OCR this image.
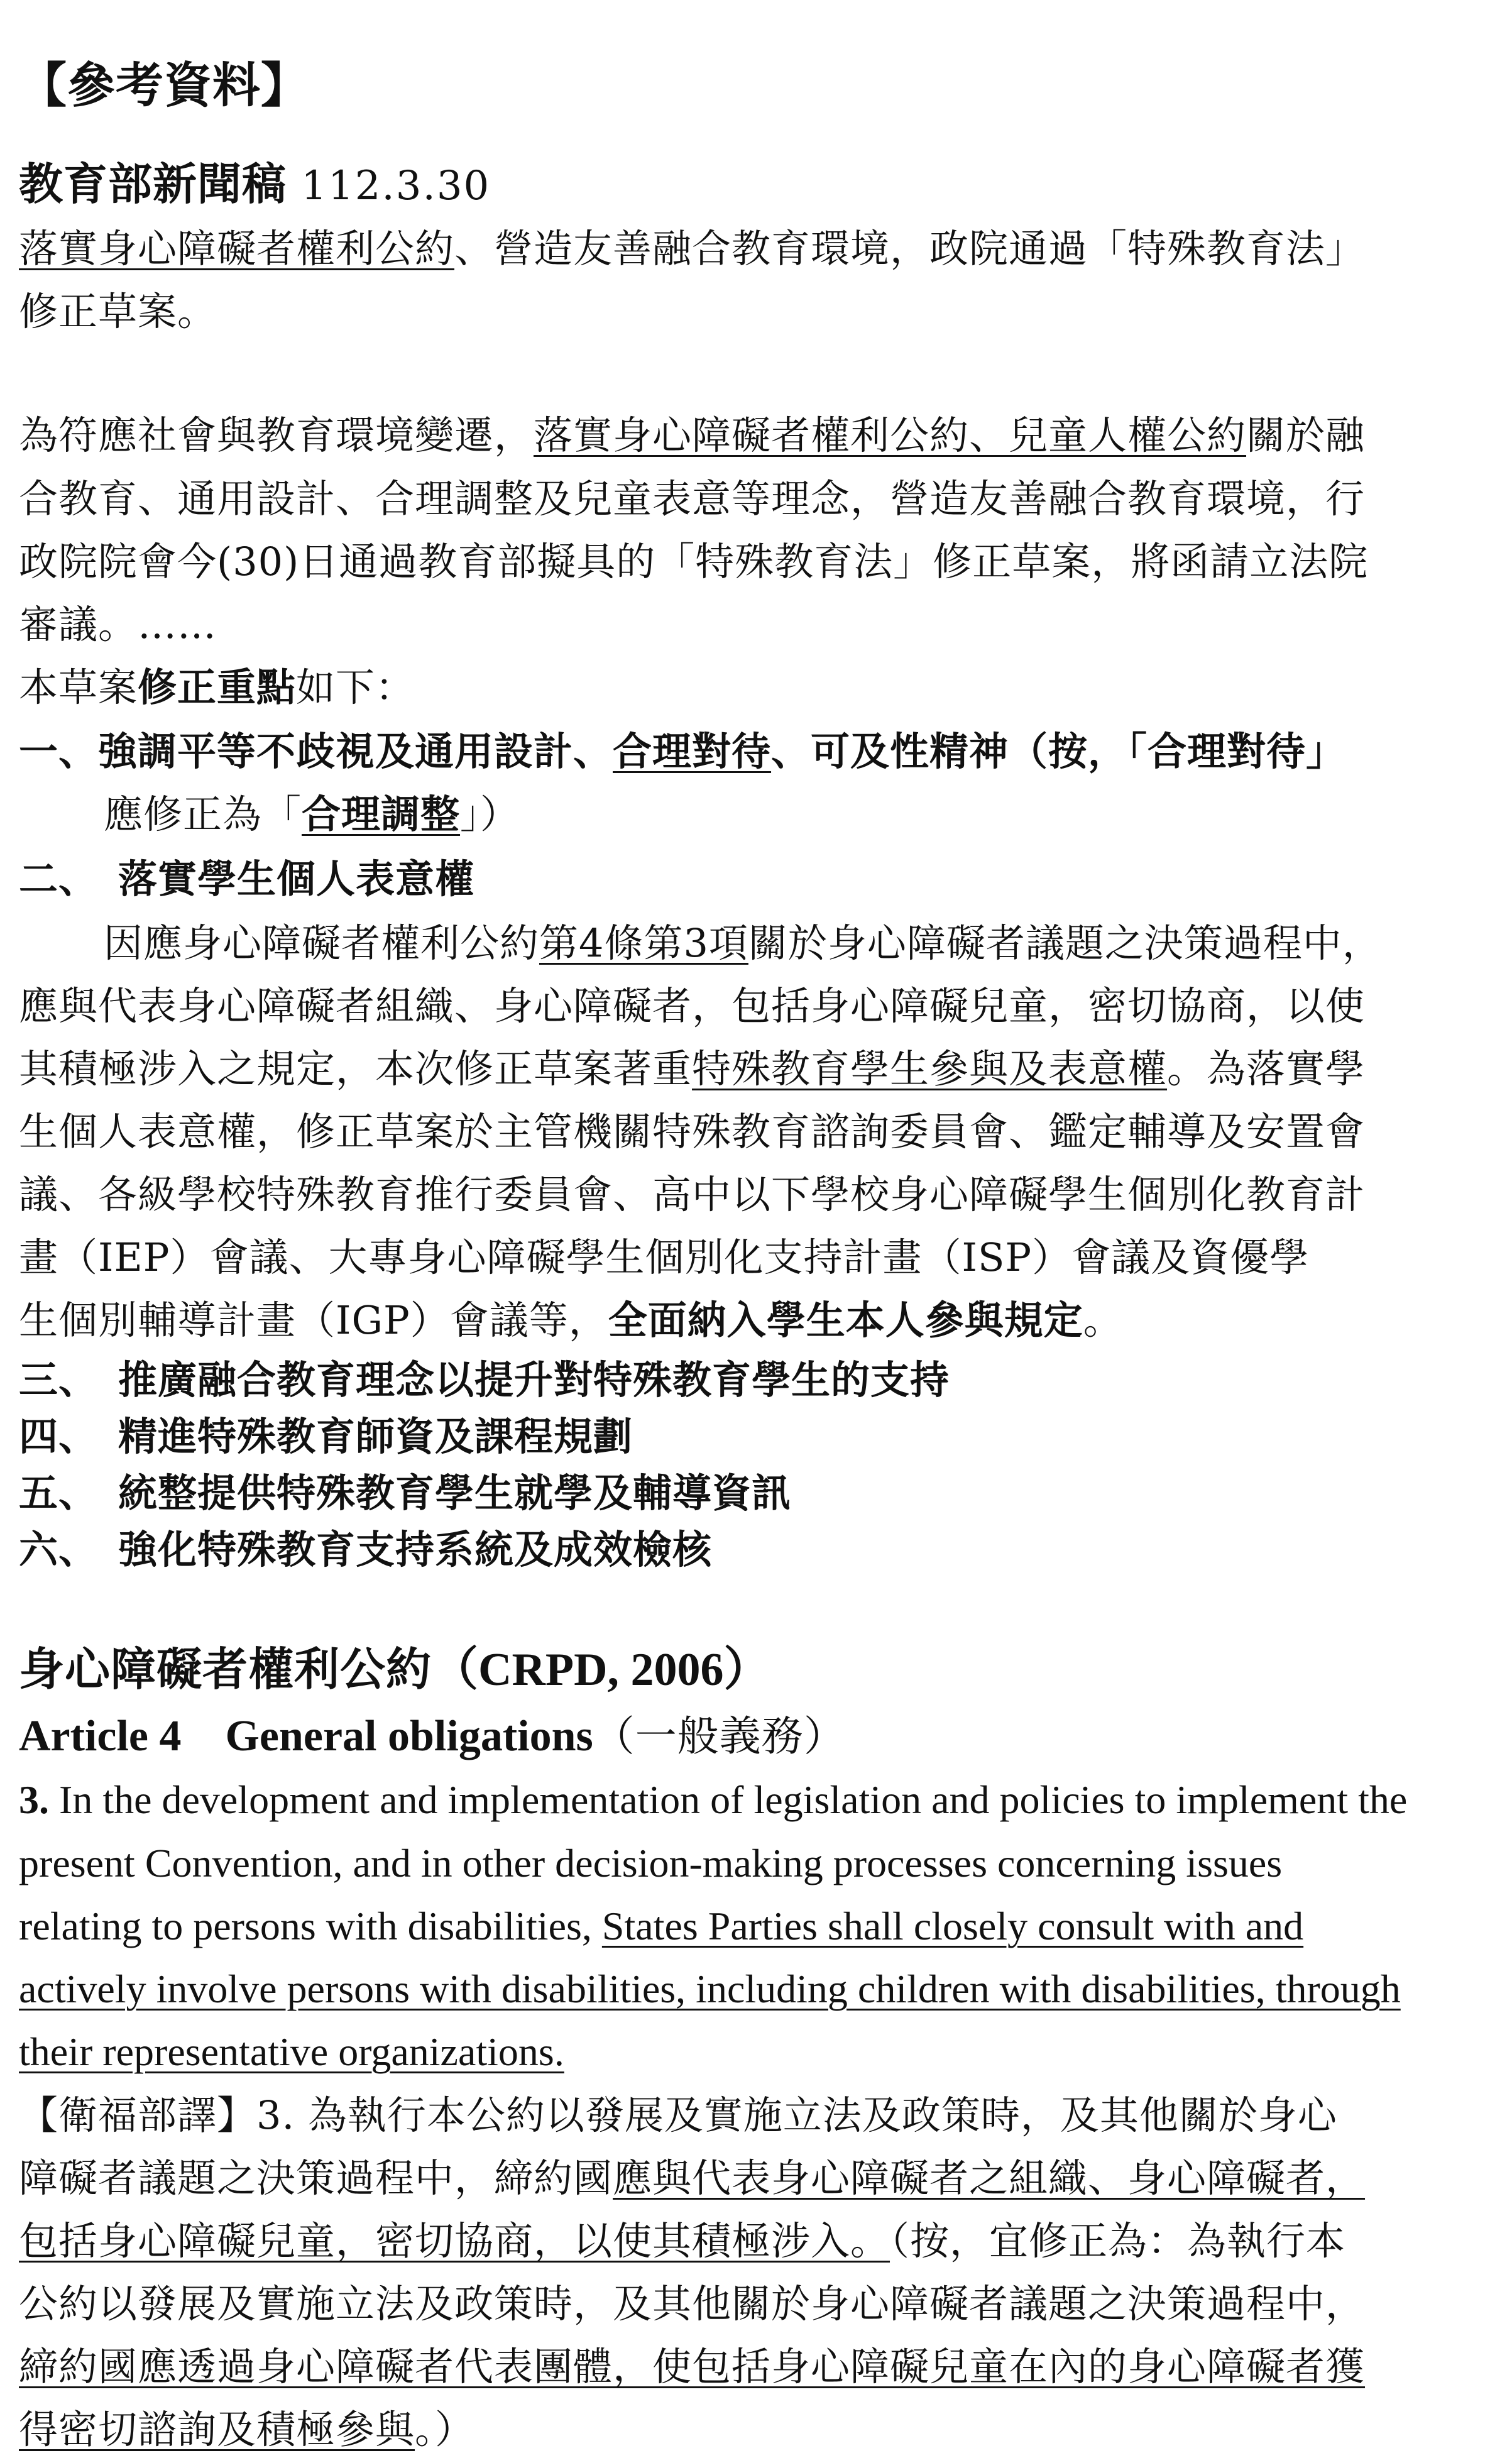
【參考資料】
教育部新聞稿 112.3.30
落實身心障礙者權利公約、營造友善融合教育環境，政院通過「特殊教育法」
修正草案。
為符應社會與教育環境變遷，落實身心障礙者權利公約、兒童人權公約關於融
合教育、通用設計、合理調整及兒童表意等理念，營造友善融合教育環境，行
政院院會今(30)日通過教育部擬具的「特殊教育法」修正草案，將函請立法院
審議。……
本草案修正重點如下：
一、強調平等不歧視及通用設計、合理對待、可及性精神（按，「合理對待」
應修正為「合理調整」）
二、　落實學生個人表意權
因應身心障礙者權利公約第4條第3項關於身心障礙者議題之決策過程中，
應與代表身心障礙者組織、身心障礙者，包括身心障礙兒童，密切協商，以使
其積極涉入之規定，本次修正草案著重特殊教育學生參與及表意權。為落實學
生個人表意權，修正草案於主管機關特殊教育諮詢委員會、鑑定輔導及安置會
議、各級學校特殊教育推行委員會、高中以下學校身心障礙學生個別化教育計
畫（IEP）會議、大專身心障礙學生個別化支持計畫（ISP）會議及資優學
生個別輔導計畫（IGP）會議等，全面納入學生本人參與規定。
三、　推廣融合教育理念以提升對特殊教育學生的支持
四、　精進特殊教育師資及課程規劃
五、　統整提供特殊教育學生就學及輔導資訊
六、　強化特殊教育支持系統及成效檢核
身心障礙者權利公約（CRPD, 2006）
Article 4　General obligations（一般義務）
3. In the development and implementation of legislation and policies to implement the
present Convention, and in other decision-making processes concerning issues
relating to persons with disabilities, States Parties shall closely consult with and
actively involve persons with disabilities, including children with disabilities, through
their representative organizations.
【衛福部譯】3. 為執行本公約以發展及實施立法及政策時，及其他關於身心
障礙者議題之決策過程中，締約國應與代表身心障礙者之組織、身心障礙者，
包括身心障礙兒童，密切協商，以使其積極涉入。（按，宜修正為：為執行本
公約以發展及實施立法及政策時，及其他關於身心障礙者議題之決策過程中，
締約國應透過身心障礙者代表團體，使包括身心障礙兒童在內的身心障礙者獲
得密切諮詢及積極參與。）
